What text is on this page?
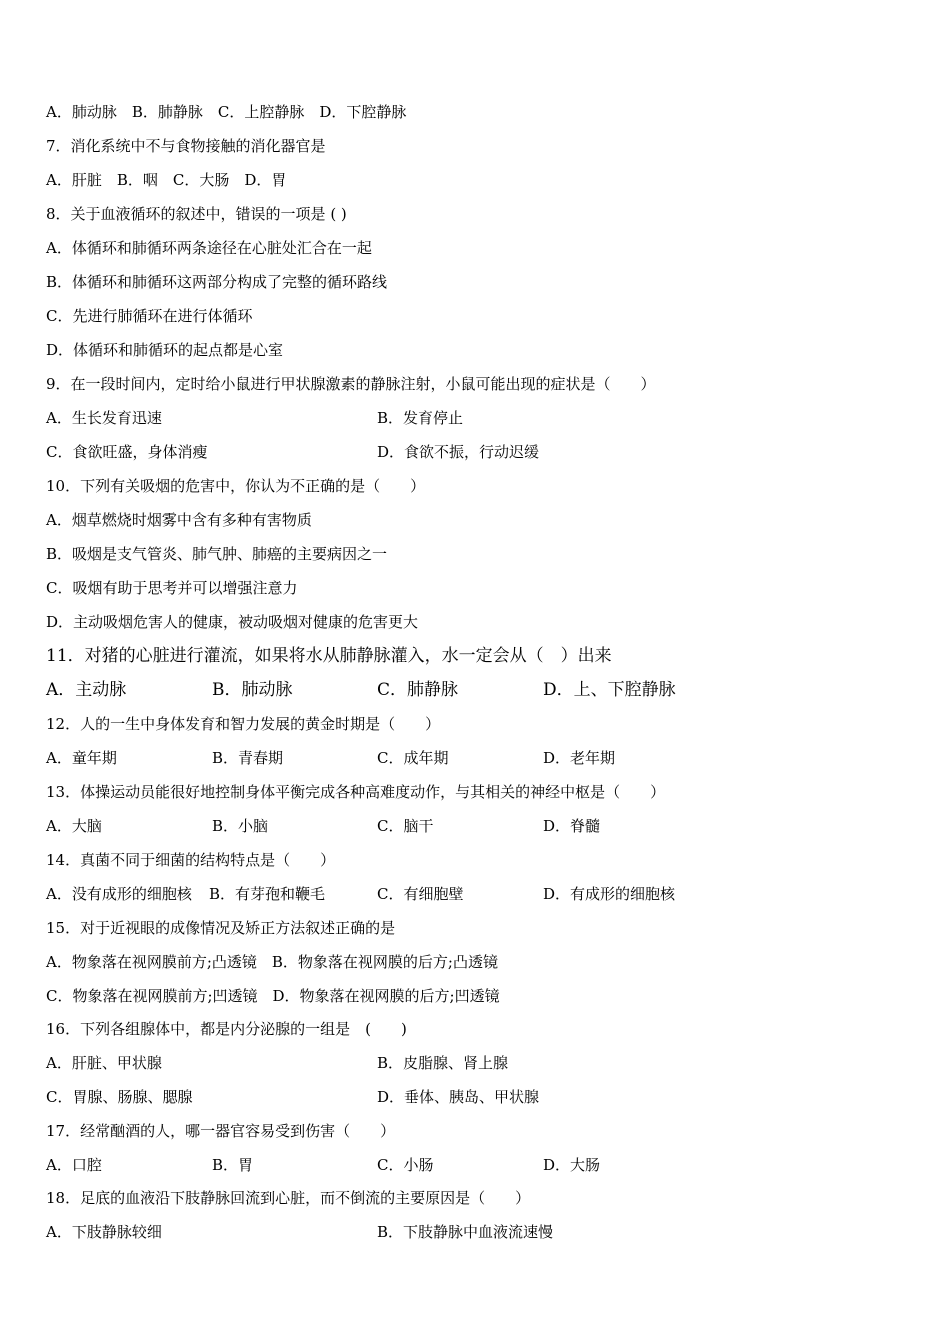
A．肺动脉　B．肺静脉　C．上腔静脉　D．下腔静脉
7．消化系统中不与食物接触的消化器官是
A．肝脏　B．咽　C．大肠　D．胃
8．关于血液循环的叙述中，错误的一项是 ( )
A．体循环和肺循环两条途径在心脏处汇合在一起
B．体循环和肺循环这两部分构成了完整的循环路线
C．先进行肺循环在进行体循环
D．体循环和肺循环的起点都是心室
9．在一段时间内，定时给小鼠进行甲状腺激素的静脉注射，小鼠可能出现的症状是（　　）
A．生长发育迅速	B．发育停止
C．食欲旺盛，身体消瘦	D．食欲不振，行动迟缓
10．下列有关吸烟的危害中，你认为不正确的是（　　）
A．烟草燃烧时烟雾中含有多种有害物质
B．吸烟是支气管炎、肺气肿、肺癌的主要病因之一
C．吸烟有助于思考并可以增强注意力
D．主动吸烟危害人的健康，被动吸烟对健康的危害更大
11．对猪的心脏进行灌流，如果将水从肺静脉灌入，水一定会从（　）出来
A．主动脉	B．肺动脉	C．肺静脉	D．上、下腔静脉
12．人的一生中身体发育和智力发展的黄金时期是（　　）
A．童年期	B．青春期	C．成年期	D．老年期
13．体操运动员能很好地控制身体平衡完成各种高难度动作，与其相关的神经中枢是（　　）
A．大脑	B．小脑	C．脑干	D．脊髓
14．真菌不同于细菌的结构特点是（　　）
A．没有成形的细胞核 B．有芽孢和鞭毛	C．有细胞壁	D．有成形的细胞核
15．对于近视眼的成像情况及矫正方法叙述正确的是
A．物象落在视网膜前方;凸透镜　B．物象落在视网膜的后方;凸透镜
C．物象落在视网膜前方;凹透镜　D．物象落在视网膜的后方;凹透镜
16．下列各组腺体中，都是内分泌腺的一组是　(　　)
A．肝脏、甲状腺	B．皮脂腺、肾上腺
C．胃腺、肠腺、腮腺	D．垂体、胰岛、甲状腺
17．经常酗酒的人，哪一器官容易受到伤害（　　）
A．口腔	B．胃	C．小肠	D．大肠
18．足底的血液沿下肢静脉回流到心脏，而不倒流的主要原因是（　　）
A．下肢静脉较细	B．下肢静脉中血液流速慢
